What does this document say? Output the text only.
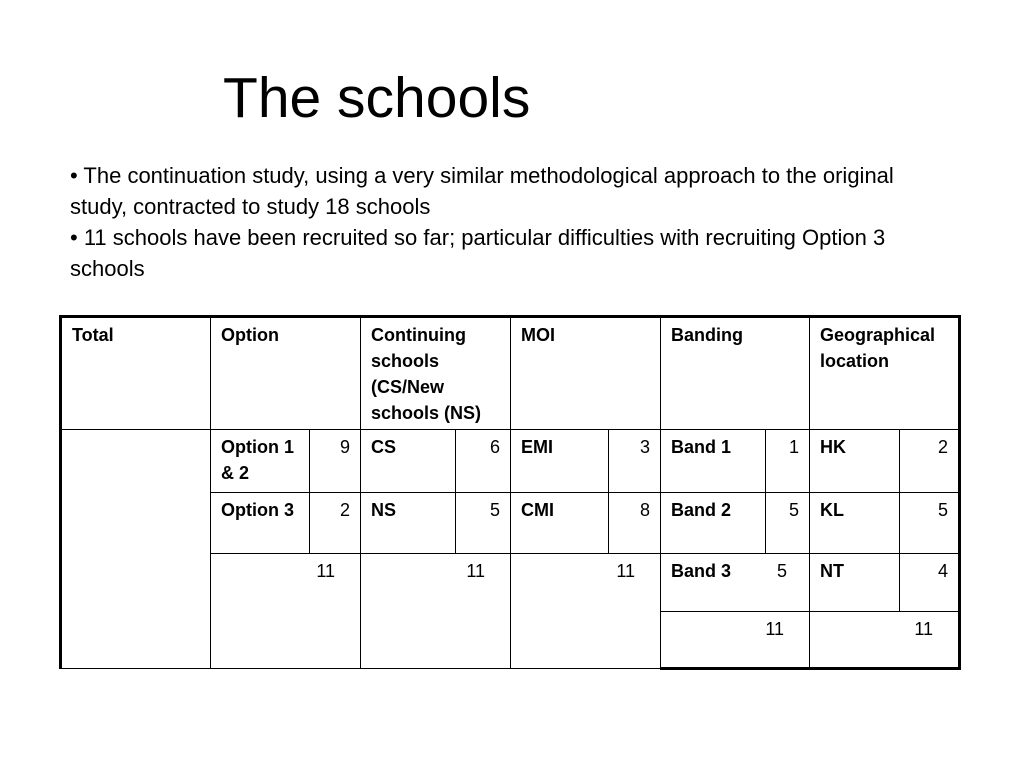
The schools

• The continuation study, using a very similar methodological approach to the original study, contracted to study 18 schools

• 11 schools have been recruited so far; particular difficulties with recruiting Option 3 schools

Total	Option		Continuing schools (CS/New schools (NS)		MOI		Banding		Geographical location	
	Option 1 & 2	9	CS	6	EMI	3	Band 1	1	HK	2
	Option 3	2	NS	5	CMI	8	Band 2	5	KL	5
	11		11		11		Band 3	5	NT	4
							11		11	
